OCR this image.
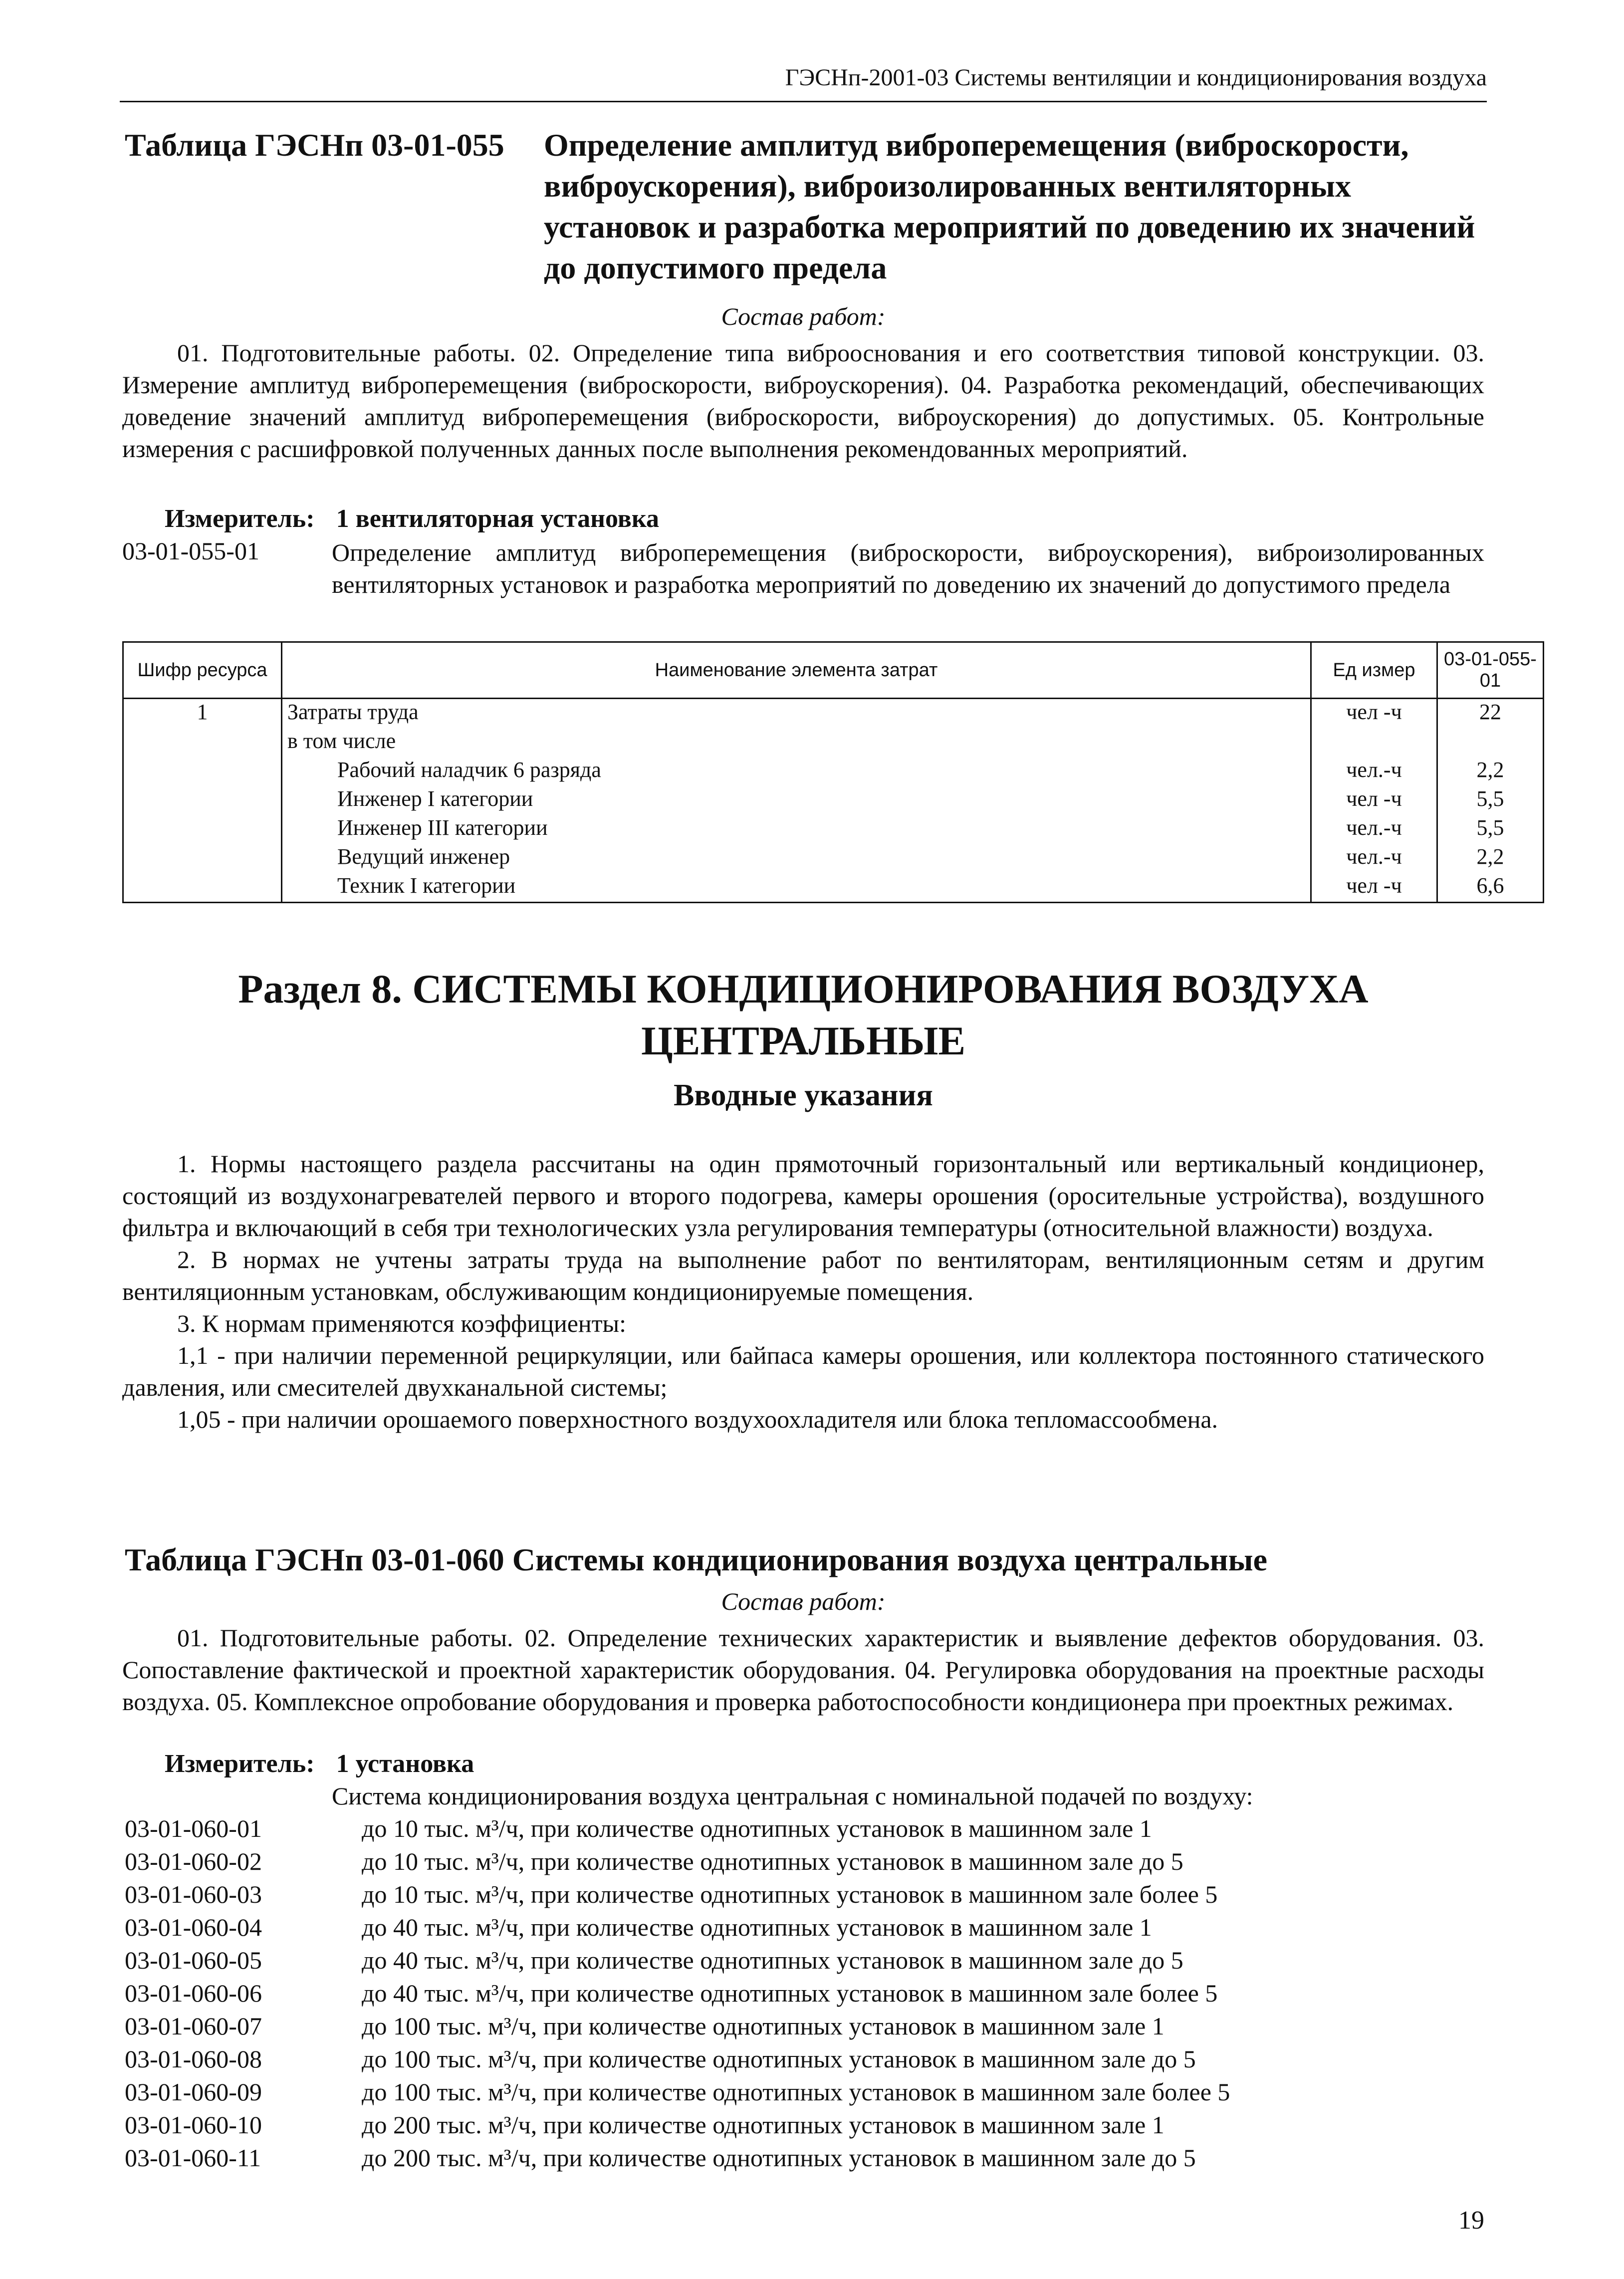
ГЭСНп-2001-03 Системы вентиляции и кондиционирования воздуха
Таблица ГЭСНп 03-01-055 Определение амплитуд виброперемещения (виброскорости, виброускорения), виброизолированных вентиляторных установок и разработка мероприятий по доведению их значений до допустимого предела
Состав работ:
01. Подготовительные работы. 02. Определение типа виброоснования и его соответствия типовой конструкции. 03. Измерение амплитуд виброперемещения (виброскорости, виброускорения). 04. Разработка рекомендаций, обеспечивающих доведение значений амплитуд виброперемещения (виброскорости, виброускорения) до допустимых. 05. Контрольные измерения с расшифровкой полученных данных после выполнения рекомендованных мероприятий.
Измеритель: 1 вентиляторная установка
03-01-055-01	Определение амплитуд виброперемещения (виброскорости, виброускорения), виброизолированных вентиляторных установок и разработка мероприятий по доведению их значений до допустимого предела
Шифр ресурса	Наименование элемента затрат	Ед измер	03-01-055-01
1	Затраты труда	чел -ч	22
	в том числе		
	Рабочий наладчик 6 разряда	чел.-ч	2,2
	Инженер I категории	чел -ч	5,5
	Инженер III категории	чел.-ч	5,5
	Ведущий инженер	чел.-ч	2,2
	Техник I категории	чел -ч	6,6
Раздел 8. СИСТЕМЫ КОНДИЦИОНИРОВАНИЯ ВОЗДУХА
ЦЕНТРАЛЬНЫЕ
Вводные указания
1. Нормы настоящего раздела рассчитаны на один прямоточный горизонтальный или вертикальный кондиционер, состоящий из воздухонагревателей первого и второго подогрева, камеры орошения (оросительные устройства), воздушного фильтра и включающий в себя три технологических узла регулирования температуры (относительной влажности) воздуха.
2. В нормах не учтены затраты труда на выполнение работ по вентиляторам, вентиляционным сетям и другим вентиляционным установкам, обслуживающим кондиционируемые помещения.
3. К нормам применяются коэффициенты:
1,1 - при наличии переменной рециркуляции, или байпаса камеры орошения, или коллектора постоянного статического давления, или смесителей двухканальной системы;
1,05 - при наличии орошаемого поверхностного воздухоохладителя или блока тепломассообмена.
Таблица ГЭСНп 03-01-060 Системы кондиционирования воздуха центральные
Состав работ:
01. Подготовительные работы. 02. Определение технических характеристик и выявление дефектов оборудования. 03. Сопоставление фактической и проектной характеристик оборудования. 04. Регулировка оборудования на проектные расходы воздуха. 05. Комплексное опробование оборудования и проверка работоспособности кондиционера при проектных режимах.
Измеритель: 1 установка
Система кондиционирования воздуха центральная с номинальной подачей по воздуху:
03-01-060-01	до 10 тыс. м³/ч, при количестве однотипных установок в машинном зале 1
03-01-060-02	до 10 тыс. м³/ч, при количестве однотипных установок в машинном зале до 5
03-01-060-03	до 10 тыс. м³/ч, при количестве однотипных установок в машинном зале более 5
03-01-060-04	до 40 тыс. м³/ч, при количестве однотипных установок в машинном зале 1
03-01-060-05	до 40 тыс. м³/ч, при количестве однотипных установок в машинном зале до 5
03-01-060-06	до 40 тыс. м³/ч, при количестве однотипных установок в машинном зале более 5
03-01-060-07	до 100 тыс. м³/ч, при количестве однотипных установок в машинном зале 1
03-01-060-08	до 100 тыс. м³/ч, при количестве однотипных установок в машинном зале до 5
03-01-060-09	до 100 тыс. м³/ч, при количестве однотипных установок в машинном зале более 5
03-01-060-10	до 200 тыс. м³/ч, при количестве однотипных установок в машинном зале 1
03-01-060-11	до 200 тыс. м³/ч, при количестве однотипных установок в машинном зале до 5
19
